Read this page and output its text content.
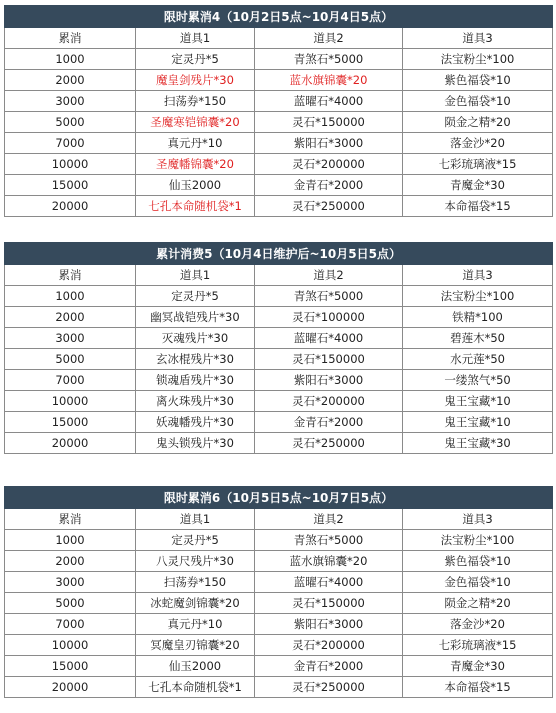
限时累消4（10月2日5点~10月4日5点）			
累消	道具1	道具2	道具3
1000	定灵丹*5	青煞石*5000	法宝粉尘*100
2000	魔皇剑残片*30	蓝水旗锦囊*20	紫色福袋*10
3000	扫荡券*150	蓝曜石*4000	金色福袋*10
5000	圣魔寒铠锦囊*20	灵石*150000	陨金之精*20
7000	真元丹*10	紫阳石*3000	落金沙*20
10000	圣魔幡锦囊*20	灵石*200000	七彩琉璃液*15
15000	仙玉2000	金青石*2000	青魔金*30
20000	七孔本命随机袋*1	灵石*250000	本命福袋*15
累计消费5（10月4日维护后~10月5日5点）			
累消	道具1	道具2	道具3
1000	定灵丹*5	青煞石*5000	法宝粉尘*100
2000	幽冥战铠残片*30	灵石*100000	铁精*100
3000	灭魂残片*30	蓝曜石*4000	碧莲木*50
5000	玄冰棍残片*30	灵石*150000	水元莲*50
7000	锁魂盾残片*30	紫阳石*3000	一缕煞气*50
10000	离火珠残片*30	灵石*200000	鬼王宝藏*10
15000	妖魂幡残片*30	金青石*2000	鬼王宝藏*10
20000	鬼头锁残片*30	灵石*250000	鬼王宝藏*30
限时累消6（10月5日5点~10月7日5点）			
累消	道具1	道具2	道具3
1000	定灵丹*5	青煞石*5000	法宝粉尘*100
2000	八灵尺残片*30	蓝水旗锦囊*20	紫色福袋*10
3000	扫荡券*150	蓝曜石*4000	金色福袋*10
5000	冰蛇魔剑锦囊*20	灵石*150000	陨金之精*20
7000	真元丹*10	紫阳石*3000	落金沙*20
10000	冥魔皇刃锦囊*20	灵石*200000	七彩琉璃液*15
15000	仙玉2000	金青石*2000	青魔金*30
20000	七孔本命随机袋*1	灵石*250000	本命福袋*15
